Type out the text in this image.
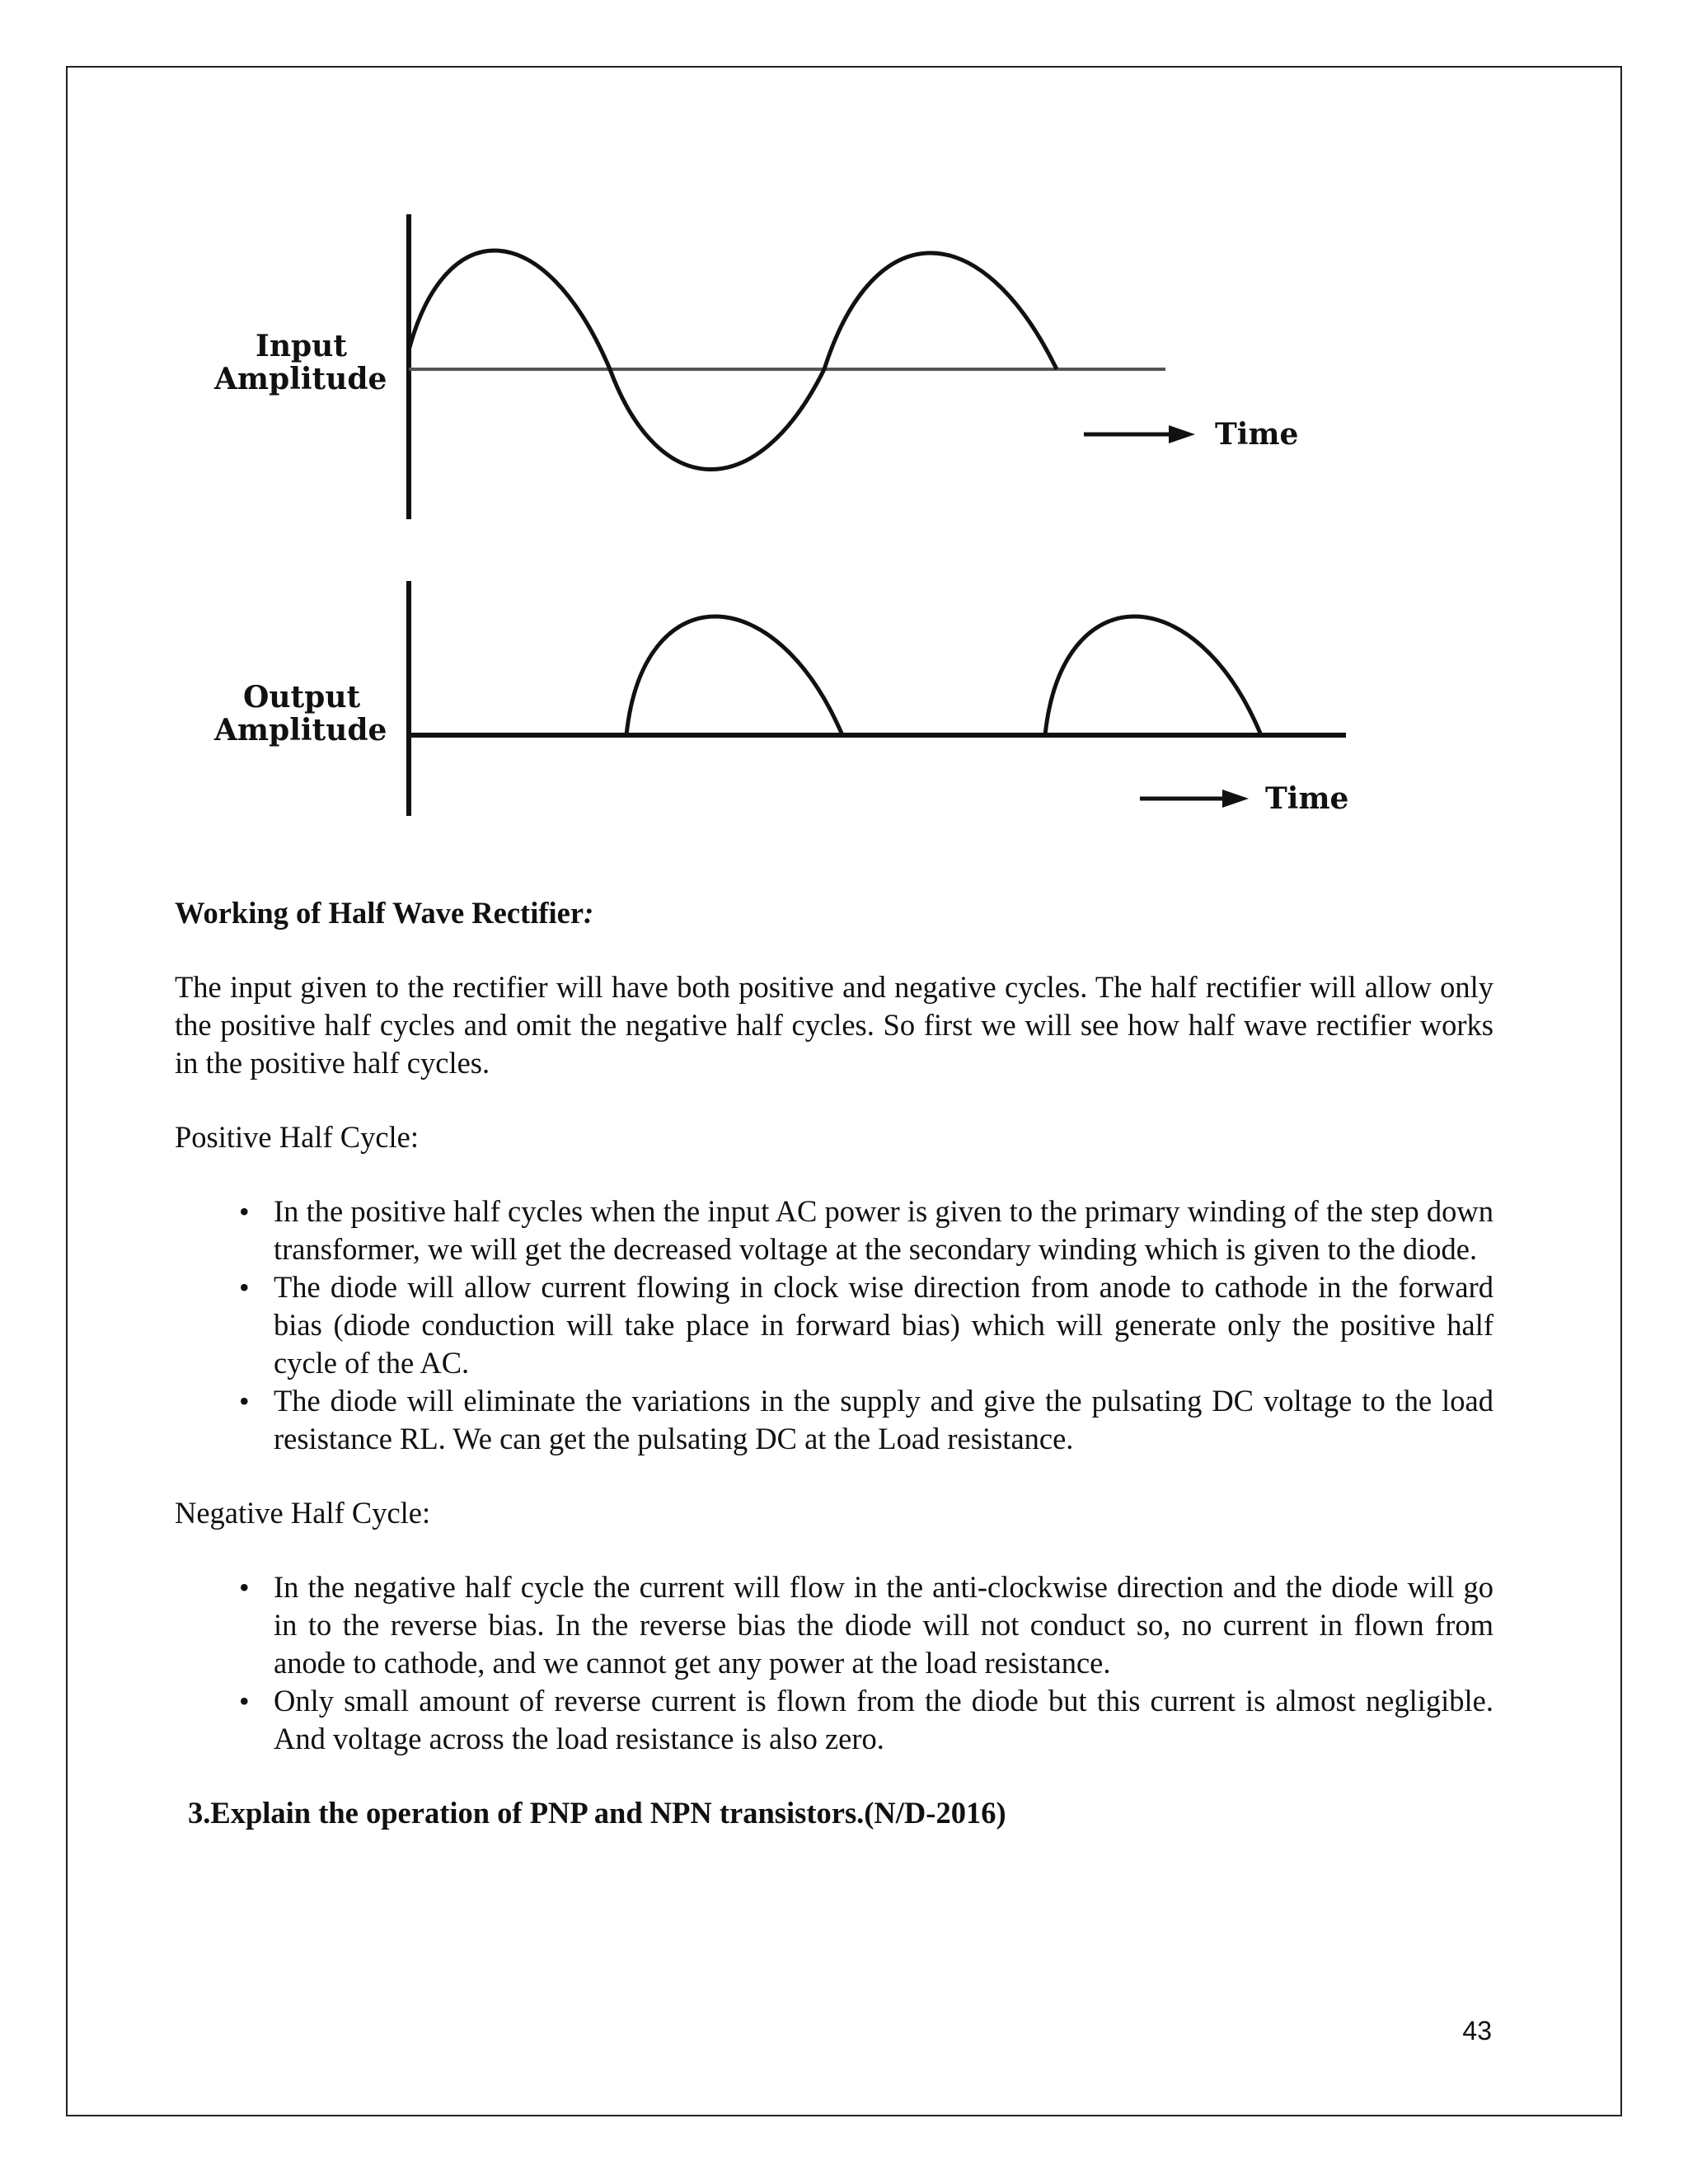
Input
Amplitude
Time
Output
Amplitude
Time
Working of Half Wave Rectifier:
The input given to the rectifier will have both positive and negative cycles. The half rectifier will allow only the positive half cycles and omit the negative half cycles. So first we will see how half wave rectifier works in the positive half cycles.
Positive Half Cycle:
• In the positive half cycles when the input AC power is given to the primary winding of the step down transformer, we will get the decreased voltage at the secondary winding which is given to the diode.
• The diode will allow current flowing in clock wise direction from anode to cathode in the forward bias (diode conduction will take place in forward bias) which will generate only the positive half cycle of the AC.
• The diode will eliminate the variations in the supply and give the pulsating DC voltage to the load resistance RL. We can get the pulsating DC at the Load resistance.
Negative Half Cycle:
• In the negative half cycle the current will flow in the anti-clockwise direction and the diode will go in to the reverse bias. In the reverse bias the diode will not conduct so, no current in flown from anode to cathode, and we cannot get any power at the load resistance.
• Only small amount of reverse current is flown from the diode but this current is almost negligible. And voltage across the load resistance is also zero.
3.Explain the operation of PNP and NPN transistors.(N/D-2016)
43
